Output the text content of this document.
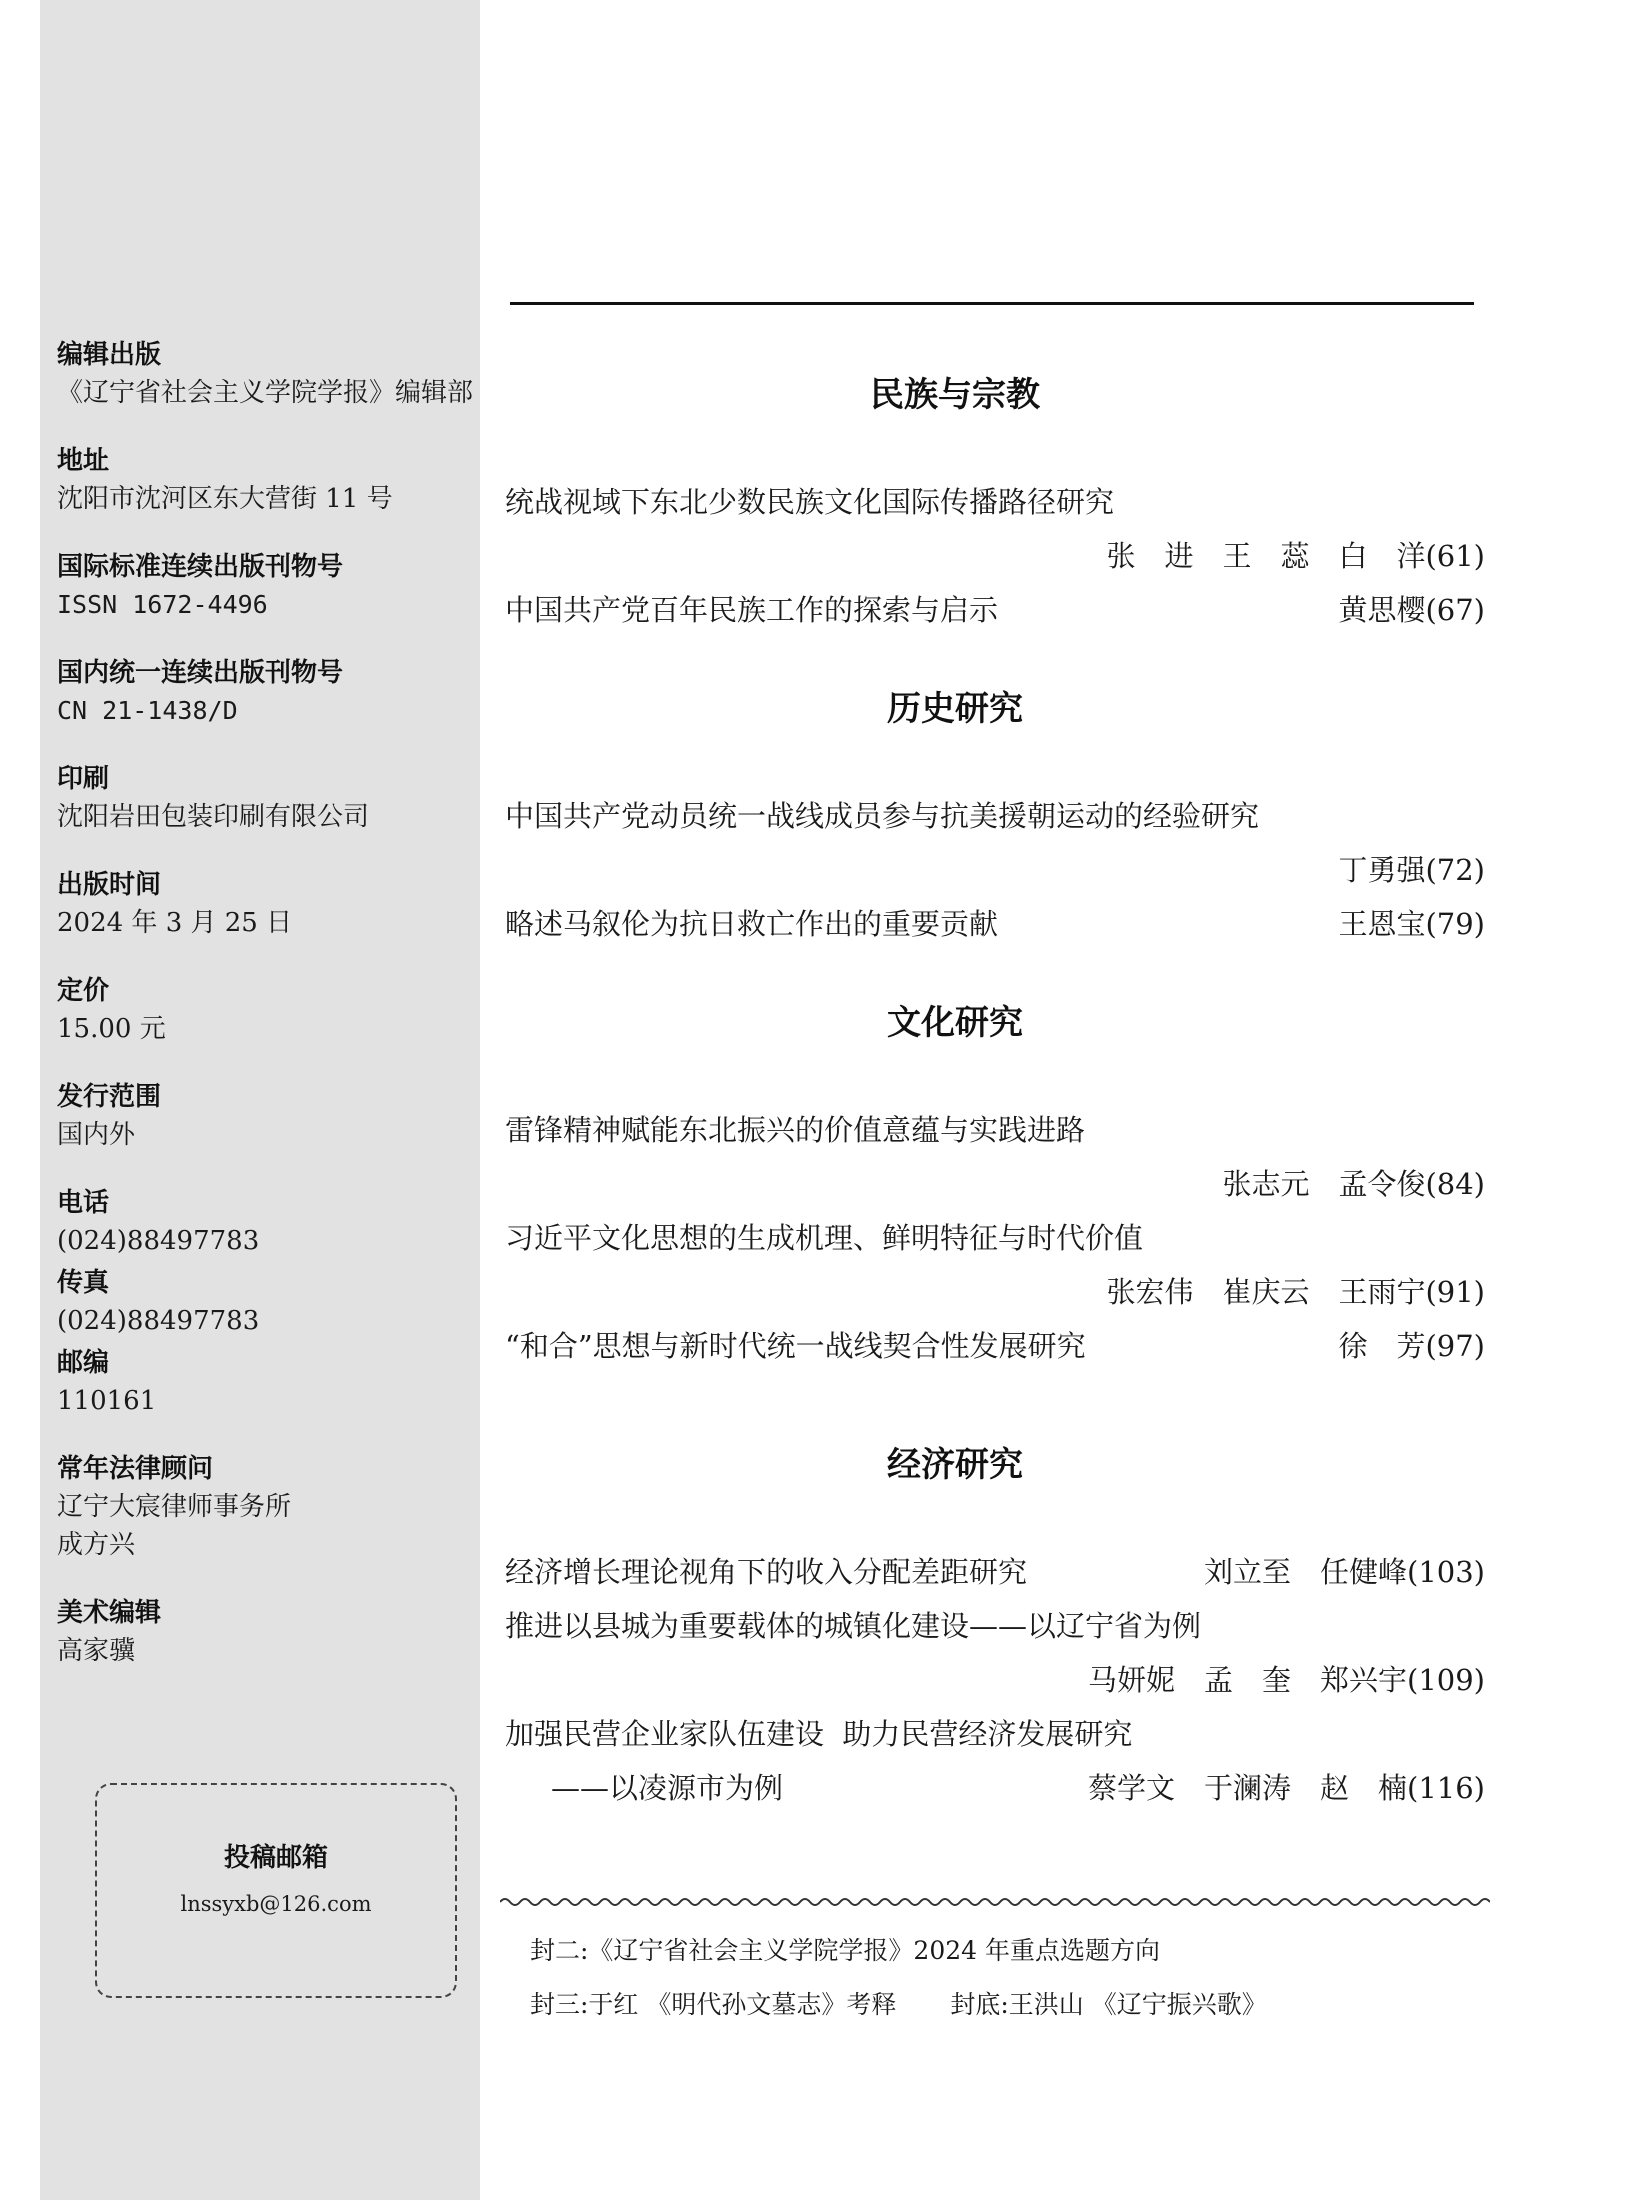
编辑出版
《辽宁省社会主义学院学报》编辑部
地址
沈阳市沈河区东大营街 11 号
国际标准连续出版刊物号
ISSN 1672-4496
国内统一连续出版刊物号
CN 21-1438/D
印刷
沈阳岩田包装印刷有限公司
出版时间
2024 年 3 月 25 日
定价
15.00 元
发行范围
国内外
电话
(024)88497783
传真
(024)88497783
邮编
110161
常年法律顾问
辽宁大宸律师事务所
成方兴
美术编辑
高家骥
投稿邮箱
lnssyxb@126.com
民族与宗教
统战视域下东北少数民族文化国际传播路径研究
张　进　王　蕊　白　洋(61)
中国共产党百年民族工作的探索与启示	黄思樱(67)
历史研究
中国共产党动员统一战线成员参与抗美援朝运动的经验研究
丁勇强(72)
略述马叙伦为抗日救亡作出的重要贡献	王恩宝(79)
文化研究
雷锋精神赋能东北振兴的价值意蕴与实践进路
张志元　孟令俊(84)
习近平文化思想的生成机理、鲜明特征与时代价值
张宏伟　崔庆云　王雨宁(91)
“和合”思想与新时代统一战线契合性发展研究	徐　芳(97)
经济研究
经济增长理论视角下的收入分配差距研究	刘立至　任健峰(103)
推进以县城为重要载体的城镇化建设——以辽宁省为例
马妍妮　孟　奎　郑兴宇(109)
加强民营企业家队伍建设  助力民营经济发展研究
——以凌源市为例	蔡学文　于澜涛　赵　楠(116)
封二:《辽宁省社会主义学院学报》2024 年重点选题方向
封三:于红 《明代孙文墓志》考释 封底:王洪山 《辽宁振兴歌》
